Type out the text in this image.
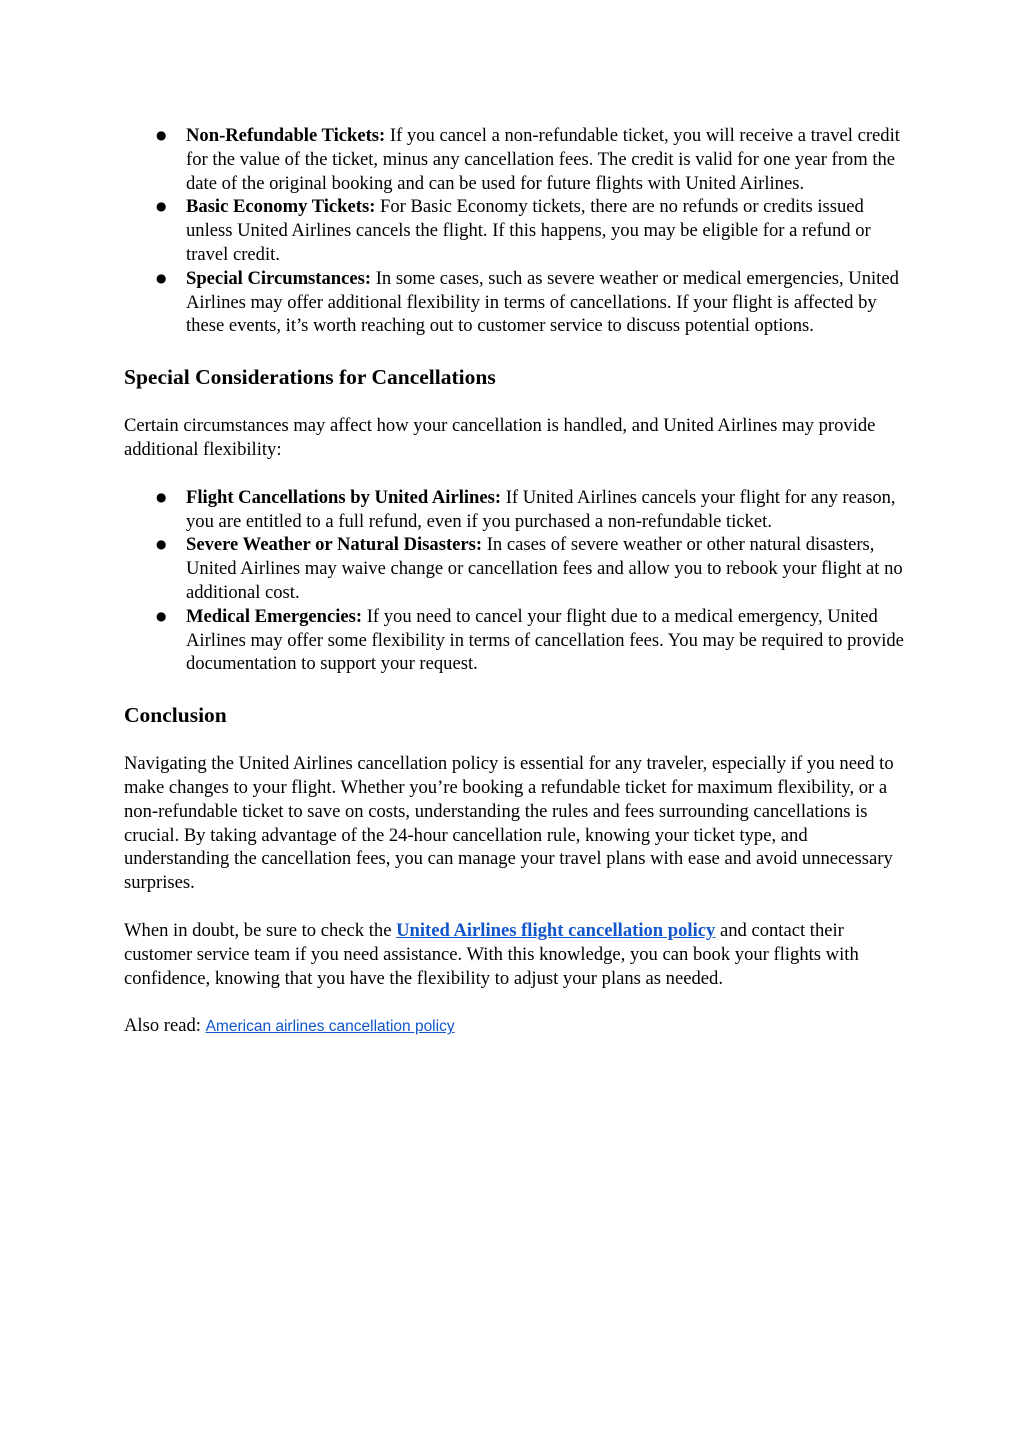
● Non-Refundable Tickets: If you cancel a non-refundable ticket, you will receive a travel credit for the value of the ticket, minus any cancellation fees. The credit is valid for one year from the date of the original booking and can be used for future flights with United Airlines.
● Basic Economy Tickets: For Basic Economy tickets, there are no refunds or credits issued unless United Airlines cancels the flight. If this happens, you may be eligible for a refund or travel credit.
● Special Circumstances: In some cases, such as severe weather or medical emergencies, United Airlines may offer additional flexibility in terms of cancellations. If your flight is affected by these events, it’s worth reaching out to customer service to discuss potential options.
Special Considerations for Cancellations

Certain circumstances may affect how your cancellation is handled, and United Airlines may provide additional flexibility:

● Flight Cancellations by United Airlines: If United Airlines cancels your flight for any reason, you are entitled to a full refund, even if you purchased a non-refundable ticket.
● Severe Weather or Natural Disasters: In cases of severe weather or other natural disasters, United Airlines may waive change or cancellation fees and allow you to rebook your flight at no additional cost.
● Medical Emergencies: If you need to cancel your flight due to a medical emergency, United Airlines may offer some flexibility in terms of cancellation fees. You may be required to provide documentation to support your request.
Conclusion

Navigating the United Airlines cancellation policy is essential for any traveler, especially if you need to make changes to your flight. Whether you’re booking a refundable ticket for maximum flexibility, or a non-refundable ticket to save on costs, understanding the rules and fees surrounding cancellations is crucial. By taking advantage of the 24-hour cancellation rule, knowing your ticket type, and understanding the cancellation fees, you can manage your travel plans with ease and avoid unnecessary surprises.

When in doubt, be sure to check the United Airlines flight cancellation policy and contact their customer service team if you need assistance. With this knowledge, you can book your flights with confidence, knowing that you have the flexibility to adjust your plans as needed.

Also read: American airlines cancellation policy
